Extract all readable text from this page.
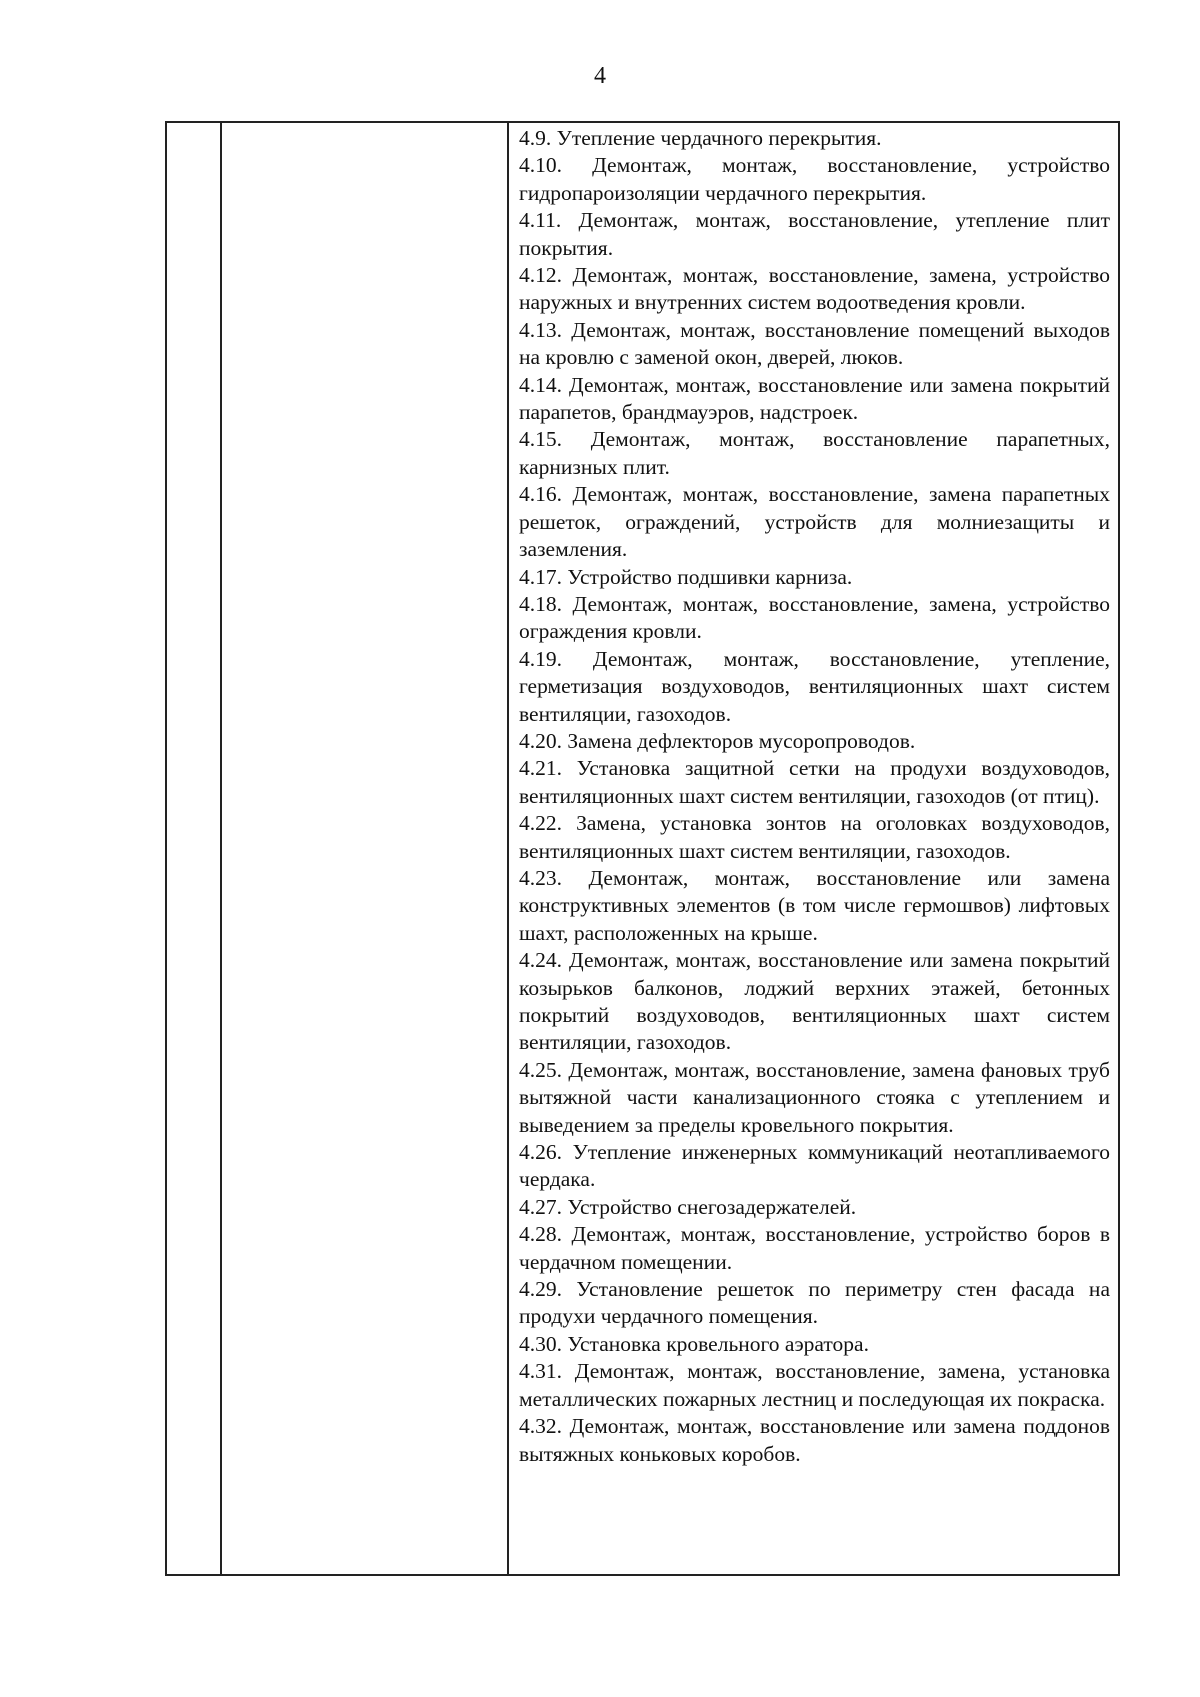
4

4.9. Утепление чердачного перекрытия.

4.10. Демонтаж, монтаж, восстановление, устройство гидропароизоляции чердачного перекрытия.

4.11. Демонтаж, монтаж, восстановление, утепление плит покрытия.

4.12. Демонтаж, монтаж, восстановление, замена, устройство наружных и внутренних систем водоотведения кровли.

4.13. Демонтаж, монтаж, восстановление помещений выходов на кровлю с заменой окон, дверей, люков.

4.14. Демонтаж, монтаж, восстановление или замена покрытий парапетов, брандмауэров, надстроек.

4.15. Демонтаж, монтаж, восстановление парапетных, карнизных плит.

4.16. Демонтаж, монтаж, восстановление, замена парапетных решеток, ограждений, устройств для молниезащиты и заземления.

4.17. Устройство подшивки карниза.

4.18. Демонтаж, монтаж, восстановление, замена, устройство ограждения кровли.

4.19. Демонтаж, монтаж, восстановление, утепление, герметизация воздуховодов, вентиляционных шахт систем вентиляции, газоходов.

4.20. Замена дефлекторов мусоропроводов.

4.21. Установка защитной сетки на продухи воздуховодов, вентиляционных шахт систем вентиляции, газоходов (от птиц).

4.22. Замена, установка зонтов на оголовках воздуховодов, вентиляционных шахт систем вентиляции, газоходов.

4.23. Демонтаж, монтаж, восстановление или замена конструктивных элементов (в том числе гермошвов) лифтовых шахт, расположенных на крыше.

4.24. Демонтаж, монтаж, восстановление или замена покрытий козырьков балконов, лоджий верхних этажей, бетонных покрытий воздуховодов, вентиляционных шахт систем вентиляции, газоходов.

4.25. Демонтаж, монтаж, восстановление, замена фановых труб вытяжной части канализационного стояка с утеплением и выведением за пределы кровельного покрытия.

4.26. Утепление инженерных коммуникаций неотапливаемого чердака.

4.27. Устройство снегозадержателей.

4.28. Демонтаж, монтаж, восстановление, устройство боров в чердачном помещении.

4.29. Установление решеток по периметру стен фасада на продухи чердачного помещения.

4.30. Установка кровельного аэратора.

4.31. Демонтаж, монтаж, восстановление, замена, установка металлических пожарных лестниц и последующая их покраска.

4.32. Демонтаж, монтаж, восстановление или замена поддонов вытяжных коньковых коробов.
